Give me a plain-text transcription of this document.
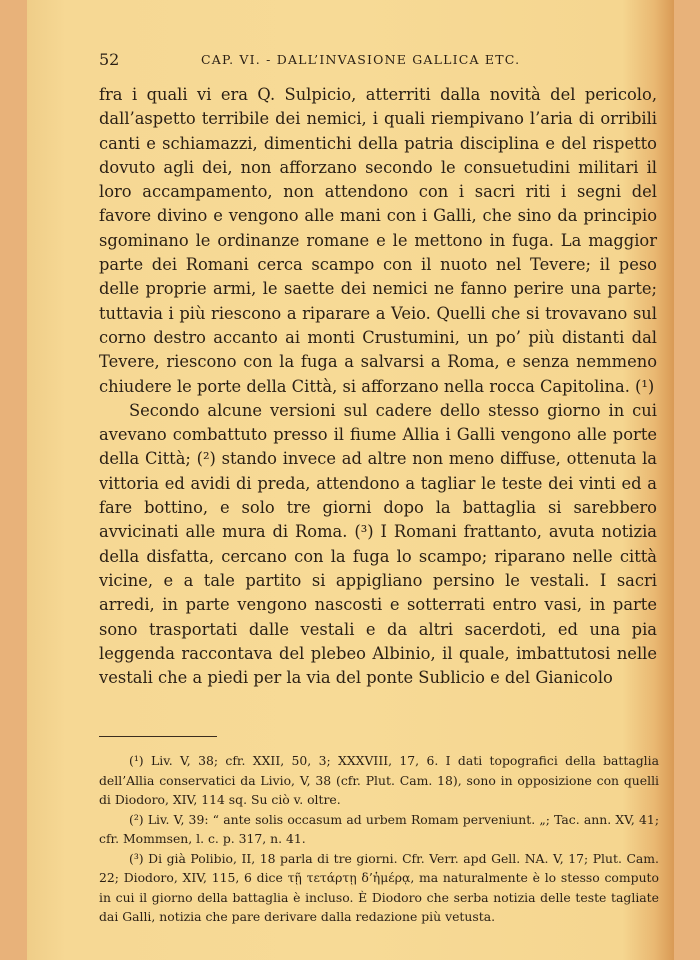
52	CAP. VI. - DALL’INVASIONE GALLICA ETC.

fra i quali vi era Q. Sulpicio, atterriti dalla novità del pericolo, dall’aspetto terribile dei nemici, i quali riempivano l’aria di orribili canti e schiamazzi, dimentichi della patria disciplina e del rispetto dovuto agli dei, non afforzano secondo le consuetudini militari il loro accampamento, non attendono con i sacri riti i segni del favore divino e vengono alle mani con i Galli, che sino da principio sgominano le ordinanze romane e le mettono in fuga. La maggior parte dei Romani cerca scampo con il nuoto nel Tevere; il peso delle proprie armi, le saette dei nemici ne fanno perire una parte; tuttavia i più riescono a riparare a Veio. Quelli che si trovavano sul corno destro accanto ai monti Crustumini, un po’ più distanti dal Tevere, riescono con la fuga a salvarsi a Roma, e senza nemmeno chiudere le porte della Città, si afforzano nella rocca Capitolina. (¹)

Secondo alcune versioni sul cadere dello stesso giorno in cui avevano combattuto presso il fiume Allia i Galli vengono alle porte della Città; (²) stando invece ad altre non meno diffuse, ottenuta la vittoria ed avidi di preda, attendono a tagliar le teste dei vinti ed a fare bottino, e solo tre giorni dopo la battaglia si sarebbero avvicinati alle mura di Roma. (³) I Romani frattanto, avuta notizia della disfatta, cercano con la fuga lo scampo; riparano nelle città vicine, e a tale partito si appigliano persino le vestali. I sacri arredi, in parte vengono nascosti e sotterrati entro vasi, in parte sono trasportati dalle vestali e da altri sacerdoti, ed una pia leggenda raccontava del plebeo Albinio, il quale, imbattutosi nelle vestali che a piedi per la via del ponte Sublicio e del Gianicolo

(¹) Liv. V, 38; cfr. XXII, 50, 3; XXXVIII, 17, 6. I dati topografici della battaglia dell’Allia conservatici da Livio, V, 38 (cfr. Plut. Cam. 18), sono in opposizione con quelli di Diodoro, XIV, 114 sq. Su ciò v. oltre.

(²) Liv. V, 39: “ ante solis occasum ad urbem Romam perveniunt. „; Tac. ann. XV, 41; cfr. Mommsen, l. c. p. 317, n. 41.

(³) Di già Polibio, II, 18 parla di tre giorni. Cfr. Verr. apd Gell. NA. V, 17; Plut. Cam. 22; Diodoro, XIV, 115, 6 dice τῇ τετάρτῃ δ’ἡμέρᾳ, ma naturalmente è lo stesso computo in cui il giorno della battaglia è incluso. È Diodoro che serba notizia delle teste tagliate dai Galli, notizia che pare derivare dalla redazione più vetusta.
